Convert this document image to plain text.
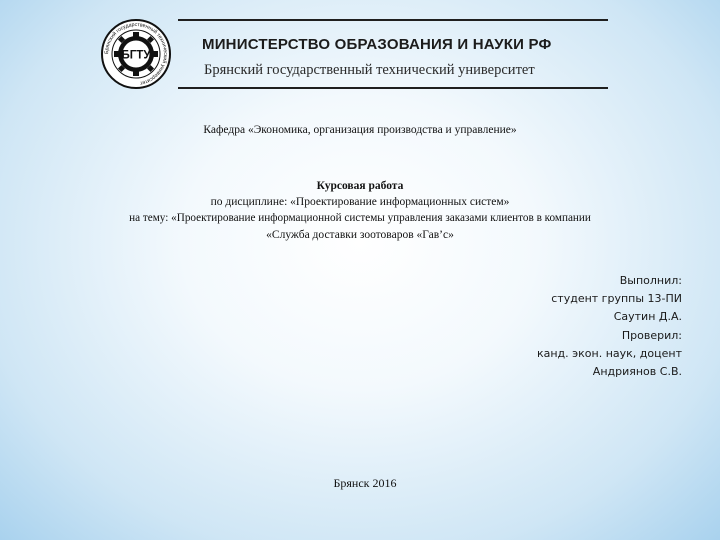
Брянский государственный технический университет
БГТУ
МИНИСТЕРСТВО ОБРАЗОВАНИЯ И НАУКИ РФ
Брянский государственный технический университет
Кафедра «Экономика, организация производства и управление»
Курсовая работа
по дисциплине: «Проектирование информационных систем»
на тему: «Проектирование информационной системы управления заказами клиентов в компании
«Служба доставки зоотоваров «Гав’с»
Выполнил:
студент группы 13-ПИ
Саутин Д.А.
Проверил:
канд. экон. наук, доцент
Андриянов С.В.
Брянск 2016
